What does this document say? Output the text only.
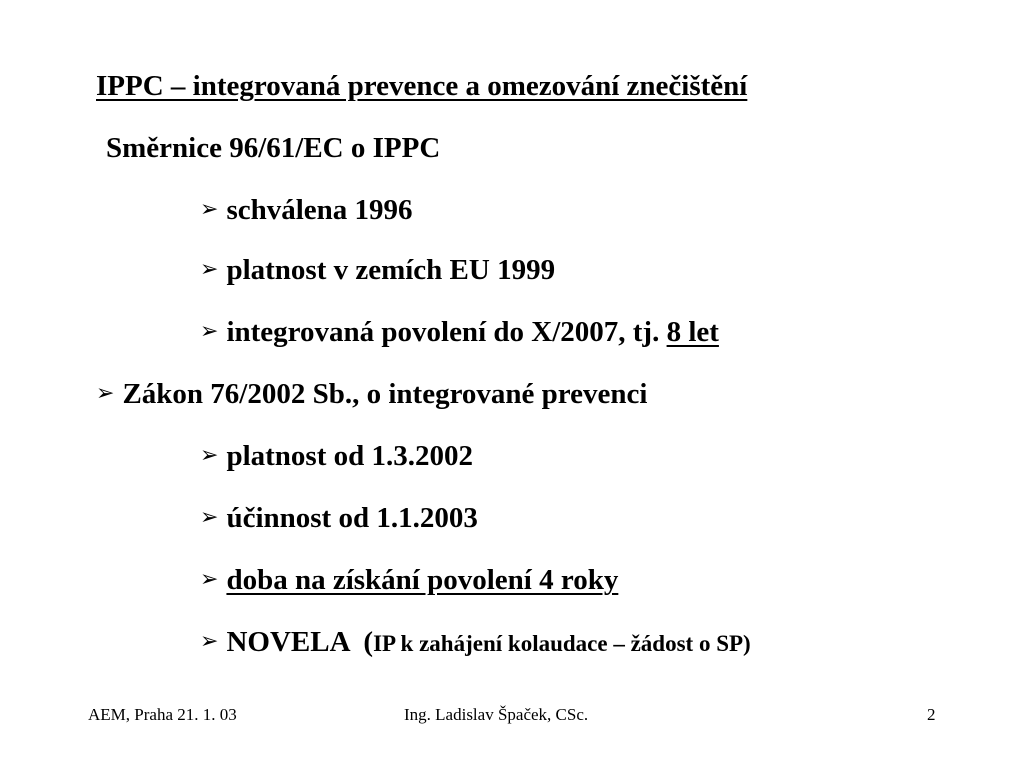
IPPC – integrovaná prevence a omezování znečištění
Směrnice 96/61/EC o IPPC
➢ schválena 1996
➢ platnost v zemích EU 1999
➢ integrovaná povolení do X/2007, tj. 8 let
➢ Zákon 76/2002 Sb., o integrované prevenci
➢ platnost od 1.3.2002
➢ účinnost od 1.1.2003
➢ doba na získání povolení 4 roky
➢ NOVELA  (IP k zahájení kolaudace – žádost o SP)
AEM, Praha 21. 1. 03	Ing. Ladislav Špaček, CSc.	2
